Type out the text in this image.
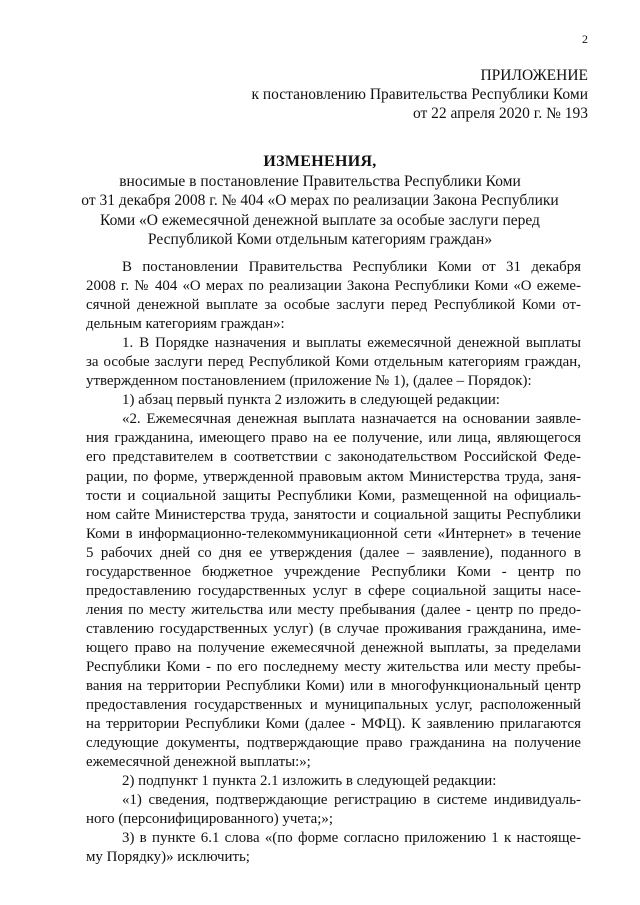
2
ПРИЛОЖЕНИЕ
к постановлению Правительства Республики Коми
от 22 апреля 2020 г. № 193
ИЗМЕНЕНИЯ,
вносимые в постановление Правительства Республики Коми
от 31 декабря 2008 г. № 404 «О мерах по реализации Закона Республики
Коми «О ежемесячной денежной выплате за особые заслуги перед
Республикой Коми отдельным категориям граждан»

В постановлении Правительства Республики Коми от 31 декабря

2008 г. № 404 «О мерах по реализации Закона Республики Коми «О ежеме-

сячной денежной выплате за особые заслуги перед Республикой Коми от-

дельным категориям граждан»:

1. В Порядке назначения и выплаты ежемесячной денежной выплаты

за особые заслуги перед Республикой Коми отдельным категориям граждан,

утвержденном постановлением (приложение № 1), (далее – Порядок):

1) абзац первый пункта 2 изложить в следующей редакции:

«2. Ежемесячная денежная выплата назначается на основании заявле-

ния гражданина, имеющего право на ее получение, или лица, являющегося

его представителем в соответствии с законодательством Российской Феде-

рации, по форме, утвержденной правовым актом Министерства труда, заня-

тости и социальной защиты Республики Коми, размещенной на официаль-

ном сайте Министерства труда, занятости и социальной защиты Республики

Коми в информационно-телекоммуникационной сети «Интернет» в течение

5 рабочих дней со дня ее утверждения (далее – заявление), поданного в

государственное бюджетное учреждение Республики Коми - центр по

предоставлению государственных услуг в сфере социальной защиты насе-

ления по месту жительства или месту пребывания (далее - центр по предо-

ставлению государственных услуг) (в случае проживания гражданина, име-

ющего право на получение ежемесячной денежной выплаты, за пределами

Республики Коми - по его последнему месту жительства или месту пребы-

вания на территории Республики Коми) или в многофункциональный центр

предоставления государственных и муниципальных услуг, расположенный

на территории Республики Коми (далее - МФЦ). К заявлению прилагаются

следующие документы, подтверждающие право гражданина на получение

ежемесячной денежной выплаты:»;

2) подпункт 1 пункта 2.1 изложить в следующей редакции:

«1) сведения, подтверждающие регистрацию в системе индивидуаль-

ного (персонифицированного) учета;»;

3) в пункте 6.1 слова «(по форме согласно приложению 1 к настояще-

му Порядку)» исключить;
